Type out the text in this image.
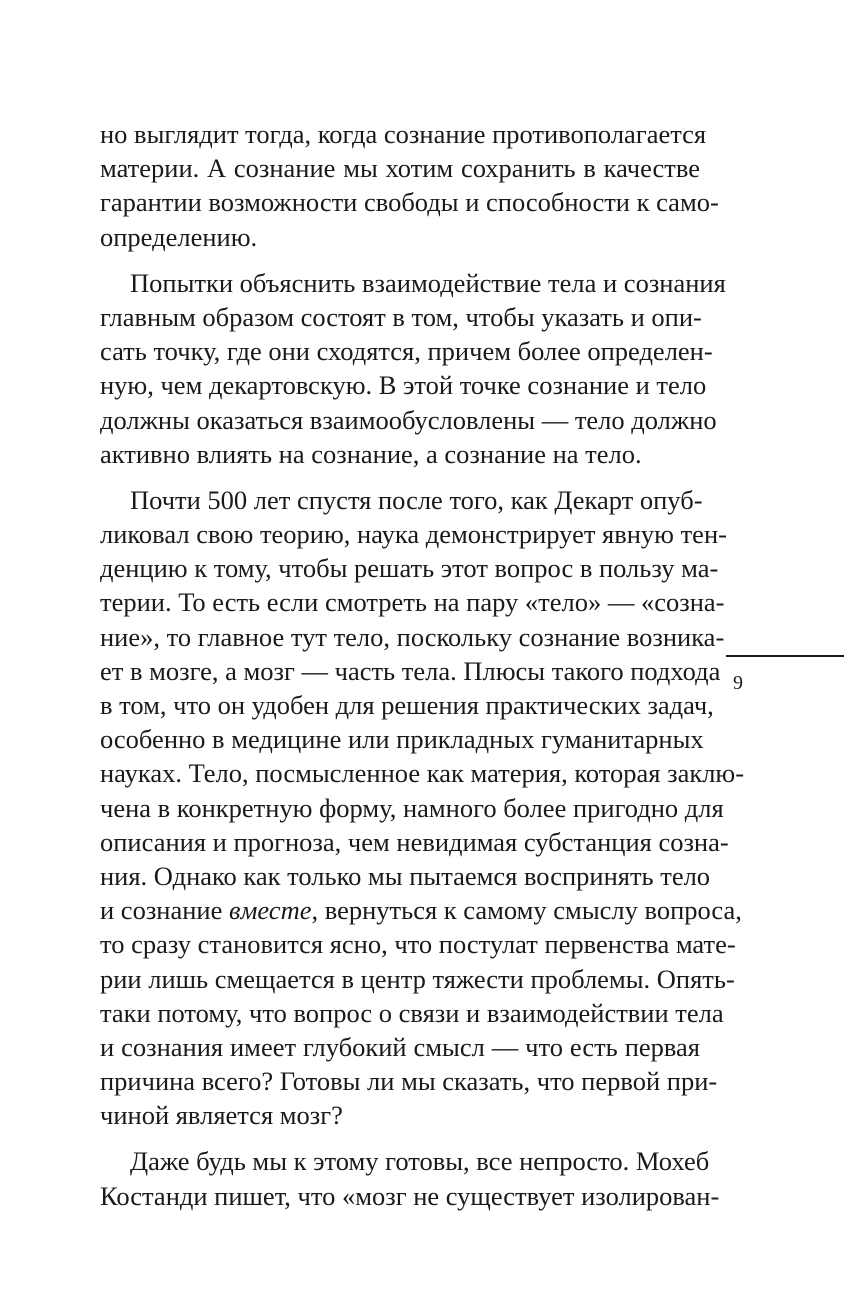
но выглядит тогда, когда сознание противополагается
материи. А сознание мы хотим сохранить в качестве
гарантии возможности свободы и способности к само-
определению.
Попытки объяснить взаимодействие тела и сознания
главным образом состоят в том, чтобы указать и опи-
сать точку, где они сходятся, причем более определен-
ную, чем декартовскую. В этой точке сознание и тело
должны оказаться взаимообусловлены — тело должно
активно влиять на сознание, а сознание на тело.
Почти 500 лет спустя после того, как Декарт опуб-
ликовал свою теорию, наука демонстрирует явную тен-
денцию к тому, чтобы решать этот вопрос в пользу ма-
терии. То есть если смотреть на пару «тело» — «созна-
ние», то главное тут тело, поскольку сознание возника-
ет в мозге, а мозг — часть тела. Плюсы такого подхода
в том, что он удобен для решения практических задач,
особенно в медицине или прикладных гуманитарных
науках. Тело, посмысленное как материя, которая заклю-
чена в конкретную форму, намного более пригодно для
описания и прогноза, чем невидимая субстанция созна-
ния. Однако как только мы пытаемся воспринять тело
и сознание вместе, вернуться к самому смыслу вопроса,
то сразу становится ясно, что постулат первенства мате-
рии лишь смещается в центр тяжести проблемы. Опять-
таки потому, что вопрос о связи и взаимодействии тела
и сознания имеет глубокий смысл — что есть первая
причина всего? Готовы ли мы сказать, что первой при-
чиной является мозг?
Даже будь мы к этому готовы, все непросто. Мохеб
Костанди пишет, что «мозг не существует изолирован-
9
